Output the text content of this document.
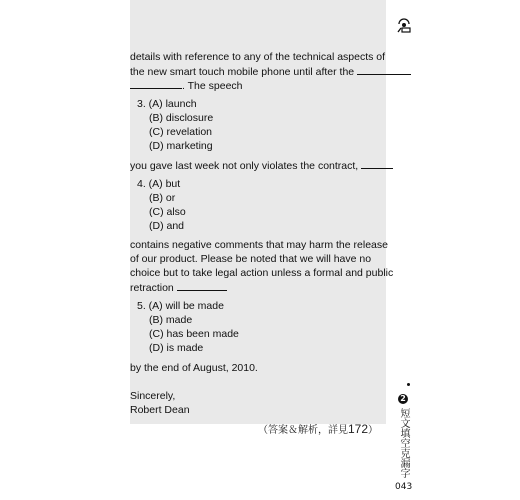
details with reference to any of the technical aspects of
the new smart touch mobile phone until after the
. The speech
3. (A) launch
(B) disclosure
(C) revelation
(D) marketing
you gave last week not only violates the contract,
4. (A) but
(B) or
(C) also
(D) and
contains negative comments that may harm the release
of our product. Please be noted that we will have no
choice but to take legal action unless a formal and public
retraction
5. (A) will be made
(B) made
(C) has been made
(D) is made
by the end of August, 2010.
Sincerely,
Robert Dean
（答案＆解析，詳見172）
2
短文填空克漏字
043
